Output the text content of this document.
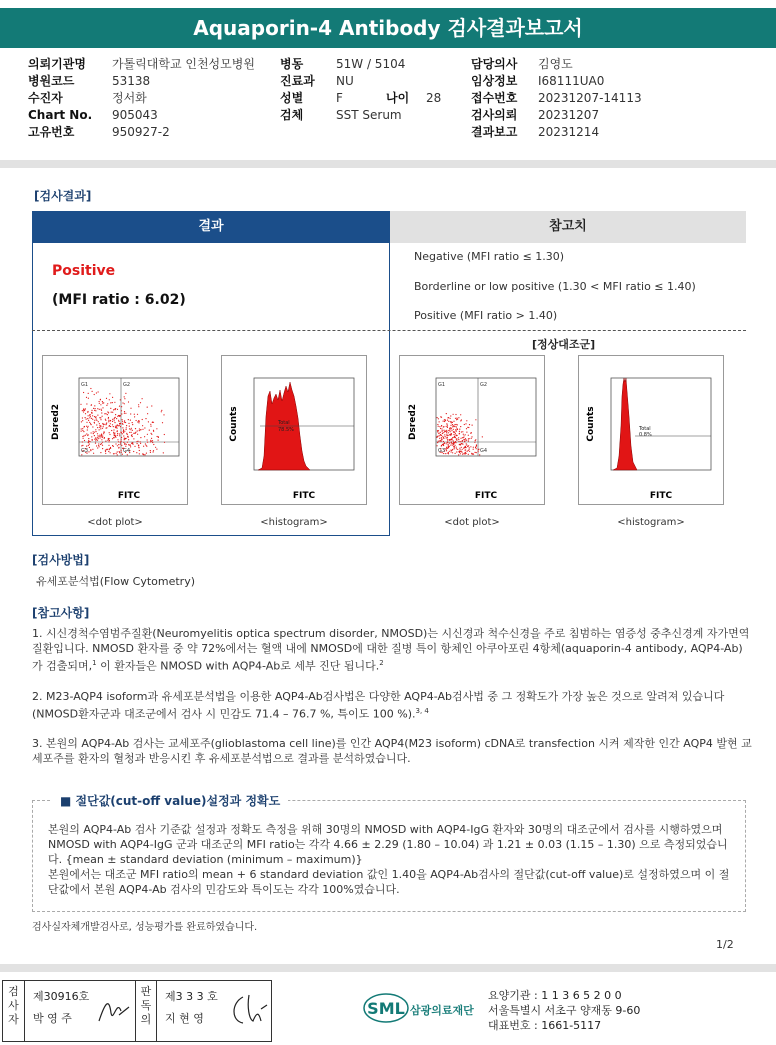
Aquaporin-4 Antibody 검사결과보고서
의뢰기관명	가톨릭대학교 인천성모병원
병원코드	53138
수진자	정서화
Chart No.	905043
고유번호	950927-2
병동	51W / 5104
진료과	NU
성별	F	나이	28
검체	SST Serum
담당의사	김영도
임상정보	I68111UA0
접수번호	20231207-14113
검사의뢰	20231207
결과보고	20231214
[검사결과]
결과	참고치
Positive
(MFI ratio : 6.02)
Negative (MFI ratio ≤ 1.30)
Borderline or low positive (1.30 < MFI ratio ≤ 1.40)
Positive (MFI ratio > 1.40)
[정상대조군]
Dsred2
FITC
G1	G2
G3	G4
<dot plot>
Total
78.5%
Counts
FITC
<histogram>
Dsred2
FITC
G1	G2
G3	G4
<dot plot>
Total
0.8%
Counts
FITC
<histogram>
[검사방법]
유세포분석법(Flow Cytometry)
[참고사항]

1. 시신경척수염범주질환(Neuromyelitis optica spectrum disorder, NMOSD)는 시신경과 척수신경을 주로 침범하는 염증성 중추신경계 자가면역 질환입니다. NMOSD 환자를 중 약 72%에서는 혈액 내에 NMOSD에 대한 질병 특이 항체인 아쿠아포린 4항체(aquaporin-4 antibody, AQP4-Ab)가 검출되며,$^1$ 이 환자들은 NMOSD with AQP4-Ab로 세부 진단 됩니다.$^2$

2. M23-AQP4 isoform과 유세포분석법을 이용한 AQP4-Ab검사법은 다양한 AQP4-Ab검사법 중 그 정확도가 가장 높은 것으로 알려져 있습니다(NMOSD환자군과 대조군에서 검사 시 민감도 71.4 – 76.7 %, 특이도 100 %).$^{3, 4}$

3. 본원의 AQP4-Ab 검사는 교세포주(glioblastoma cell line)를 인간 AQP4(M23 isoform) cDNA로 transfection 시켜 제작한 인간 AQP4 발현 교세포주를 환자의 혈청과 반응시킨 후 유세포분석법으로 결과를 분석하였습니다.

■ 절단값(cut-off value)설정과 정확도
본원의 AQP4-Ab 검사 기준값 설정과 정확도 측정을 위해 30명의 NMOSD with AQP4-IgG 환자와 30명의 대조군에서 검사를 시행하였으며 NMOSD with AQP4-IgG 군과 대조군의 MFI ratio는 각각 4.66 ± 2.29 (1.80 – 10.04) 과 1.21 ± 0.03 (1.15 – 1.30) 으로 측정되었습니다. {mean ± standard deviation (minimum – maximum)}
본원에서는 대조군 MFI ratio의 mean + 6 standard deviation 값인 1.40을 AQP4-Ab검사의 절단값(cut-off value)로 설정하였으며 이 절단값에서 본원 AQP4-Ab 검사의 민감도와 특이도는 각각 100%였습니다.
검사실자체개발검사로, 성능평가를 완료하였습니다.
1/2
검
사
자
제30916호
박 영 주
판
독
의
제3 3 3 호
지 현 영
SML 삼광의료재단
요양기관 : 1 1 3 6 5 2 0 0
서울특별시 서초구 양재동 9-60
대표번호 : 1661-5117
